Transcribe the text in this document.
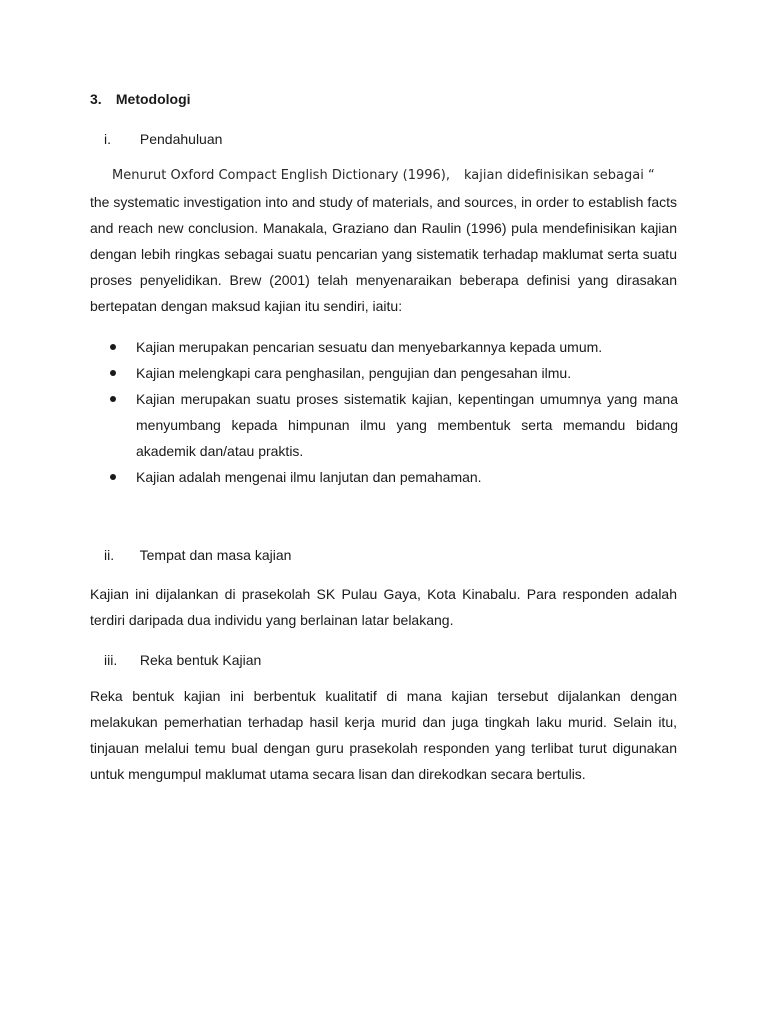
3. Metodologi
i. Pendahuluan
Menurut Oxford Compact English Dictionary (1996), kajian didefinisikan sebagai “
the systematic investigation into and study of materials, and sources, in order to establish facts and reach new conclusion. Manakala, Graziano dan Raulin (1996) pula mendefinisikan kajian dengan lebih ringkas sebagai suatu pencarian yang sistematik terhadap maklumat serta suatu proses penyelidikan. Brew (2001) telah menyenaraikan beberapa definisi yang dirasakan bertepatan dengan maksud kajian itu sendiri, iaitu:
Kajian merupakan pencarian sesuatu dan menyebarkannya kepada umum.
Kajian melengkapi cara penghasilan, pengujian dan pengesahan ilmu.
Kajian merupakan suatu proses sistematik kajian, kepentingan umumnya yang mana menyumbang kepada himpunan ilmu yang membentuk serta memandu bidang akademik dan/atau praktis.
Kajian adalah mengenai ilmu lanjutan dan pemahaman.
ii. Tempat dan masa kajian
Kajian ini dijalankan di prasekolah SK Pulau Gaya, Kota Kinabalu. Para responden adalah terdiri daripada dua individu yang berlainan latar belakang.
iii. Reka bentuk Kajian
Reka bentuk kajian ini berbentuk kualitatif di mana kajian tersebut dijalankan dengan melakukan pemerhatian terhadap hasil kerja murid dan juga tingkah laku murid. Selain itu, tinjauan melalui temu bual dengan guru prasekolah responden yang terlibat turut digunakan untuk mengumpul maklumat utama secara lisan dan direkodkan secara bertulis.
